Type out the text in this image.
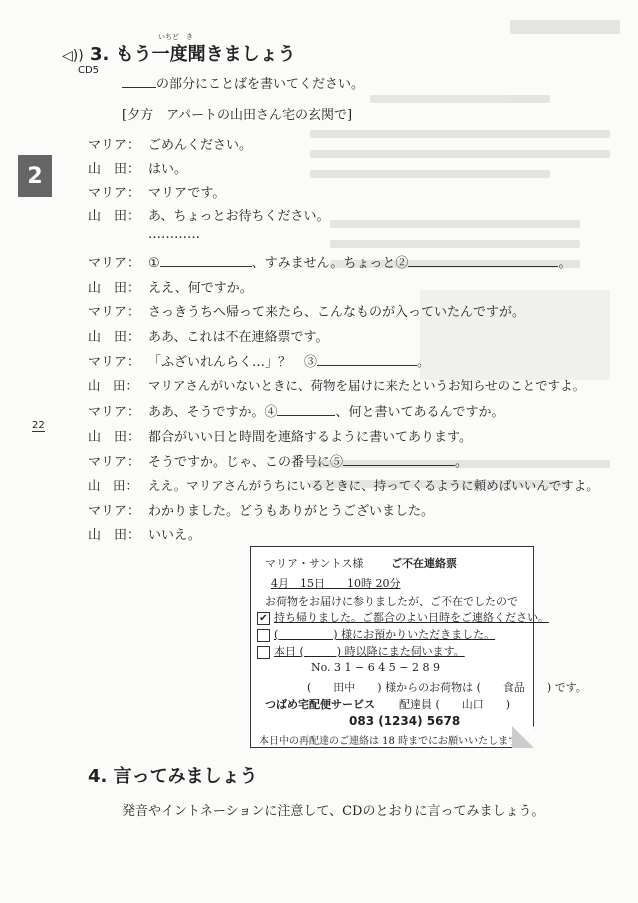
◁)) 3. もう一度聞きましょう
いちど　き
CD5
の部分にことばを書いてください。
[夕方　アパートの山田さん宅の玄関で]
2
22
マリア： ごめんください。
山　田： はい。
マリア： マリアです。
山　田： あ、ちょっとお待ちください。
…………
マリア： ①	、すみません。ちょっと②	。
山　田： ええ、何ですか。
マリア： さっきうちへ帰って来たら、こんなものが入っていたんですが。
山　田： ああ、これは不在連絡票です。
マリア： 「ふざいれんらく…」？　③	。
山　田： マリアさんがいないときに、荷物を届けに来たというお知らせのことですよ。
マリア： ああ、そうですか。④	、何と書いてあるんですか。
山　田： 都合がいい日と時間を連絡するように書いてあります。
マリア： そうですか。じゃ、この番号に⑤	。
山　田： ええ。マリアさんがうちにいるときに、持ってくるように頼めばいいんですよ。
マリア： わかりました。どうもありがとうございました。
山　田： いいえ。
マリア・サントス様	ご不在連絡票
4月　15日　　10時 20分
お荷物をお届けに参りましたが、ご不在でしたので
✔ 持ち帰りました。ご都合のよい日時をご連絡ください。
(　　　　　) 様にお預かりいただきました。
本日 (　　　) 時以降にまた伺います。
No. 3 1 − 6 4 5 − 2 8 9
(　　田中　　) 様からのお荷物は (　　食品　　) です。
つばめ宅配便サービス 配達員 (　　山口　　)
083 (1234) 5678
本日中の再配達のご連絡は 18 時までにお願いいたします。
4. 言ってみましょう
発音やイントネーションに注意して、CDのとおりに言ってみましょう。
